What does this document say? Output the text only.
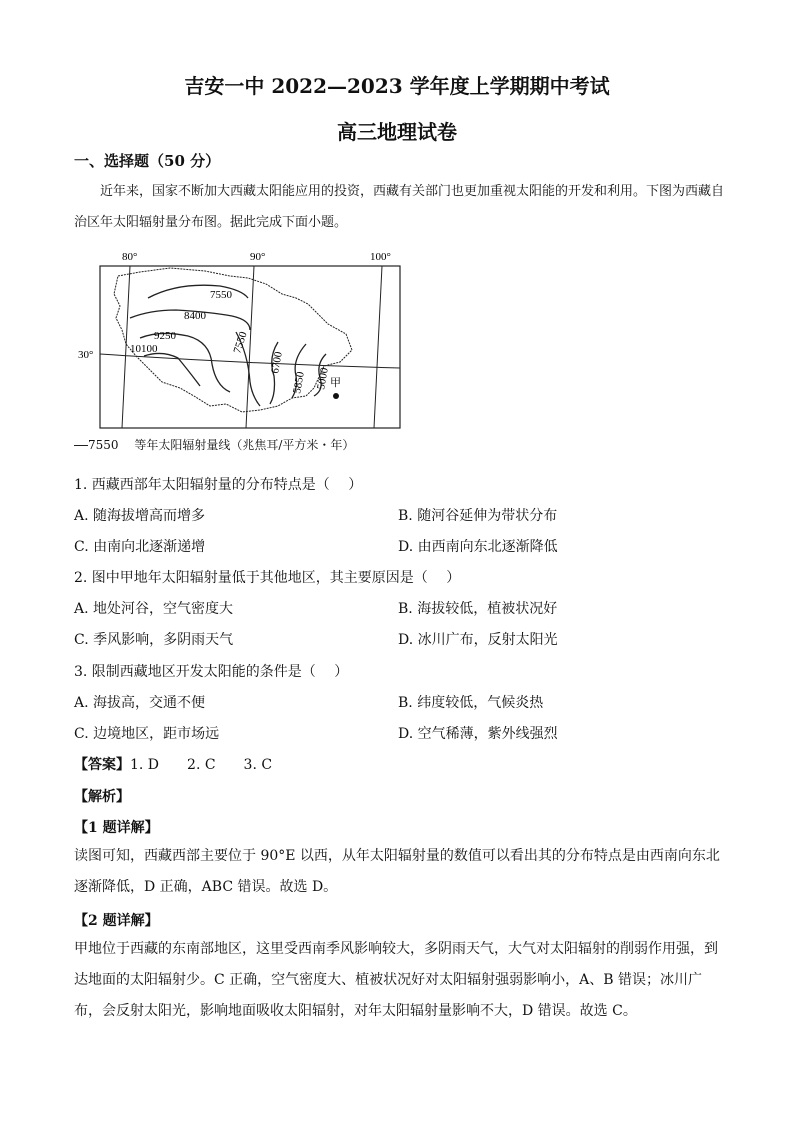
吉安一中 2022—2023 学年度上学期期中考试
高三地理试卷
一、选择题（50 分）
近年来，国家不断加大西藏太阳能应用的投资，西藏有关部门也更加重视太阳能的开发和利用。下图为西藏自治区年太阳辐射量分布图。据此完成下面小题。
80°	90°	100°
30°
7550
8400
9250
10100	7550
6700
5850 5000 甲
7550 等年太阳辐射量线（兆焦耳/平方米・年）
1. 西藏西部年太阳辐射量的分布特点是（　 ）
A. 随海拔增高而增多	B. 随河谷延伸为带状分布
C. 由南向北逐渐递增	D. 由西南向东北逐渐降低
2. 图中甲地年太阳辐射量低于其他地区，其主要原因是（　 ）
A. 地处河谷，空气密度大	B. 海拔较低，植被状况好
C. 季风影响，多阴雨天气	D. 冰川广布，反射太阳光
3. 限制西藏地区开发太阳能的条件是（　 ）
A. 海拔高，交通不便	B. 纬度较低，气候炎热
C. 边境地区，距市场远	D. 空气稀薄，紫外线强烈
【答案】1. D　　2. C　　3. C
【解析】
【1 题详解】
读图可知，西藏西部主要位于 90°E 以西，从年太阳辐射量的数值可以看出其的分布特点是由西南向东北逐渐降低，D 正确，ABC 错误。故选 D。
【2 题详解】
甲地位于西藏的东南部地区，这里受西南季风影响较大，多阴雨天气，大气对太阳辐射的削弱作用强，到达地面的太阳辐射少。C 正确，空气密度大、植被状况好对太阳辐射强弱影响小，A、B 错误；冰川广布，会反射太阳光，影响地面吸收太阳辐射，对年太阳辐射量影响不大，D 错误。故选 C。
